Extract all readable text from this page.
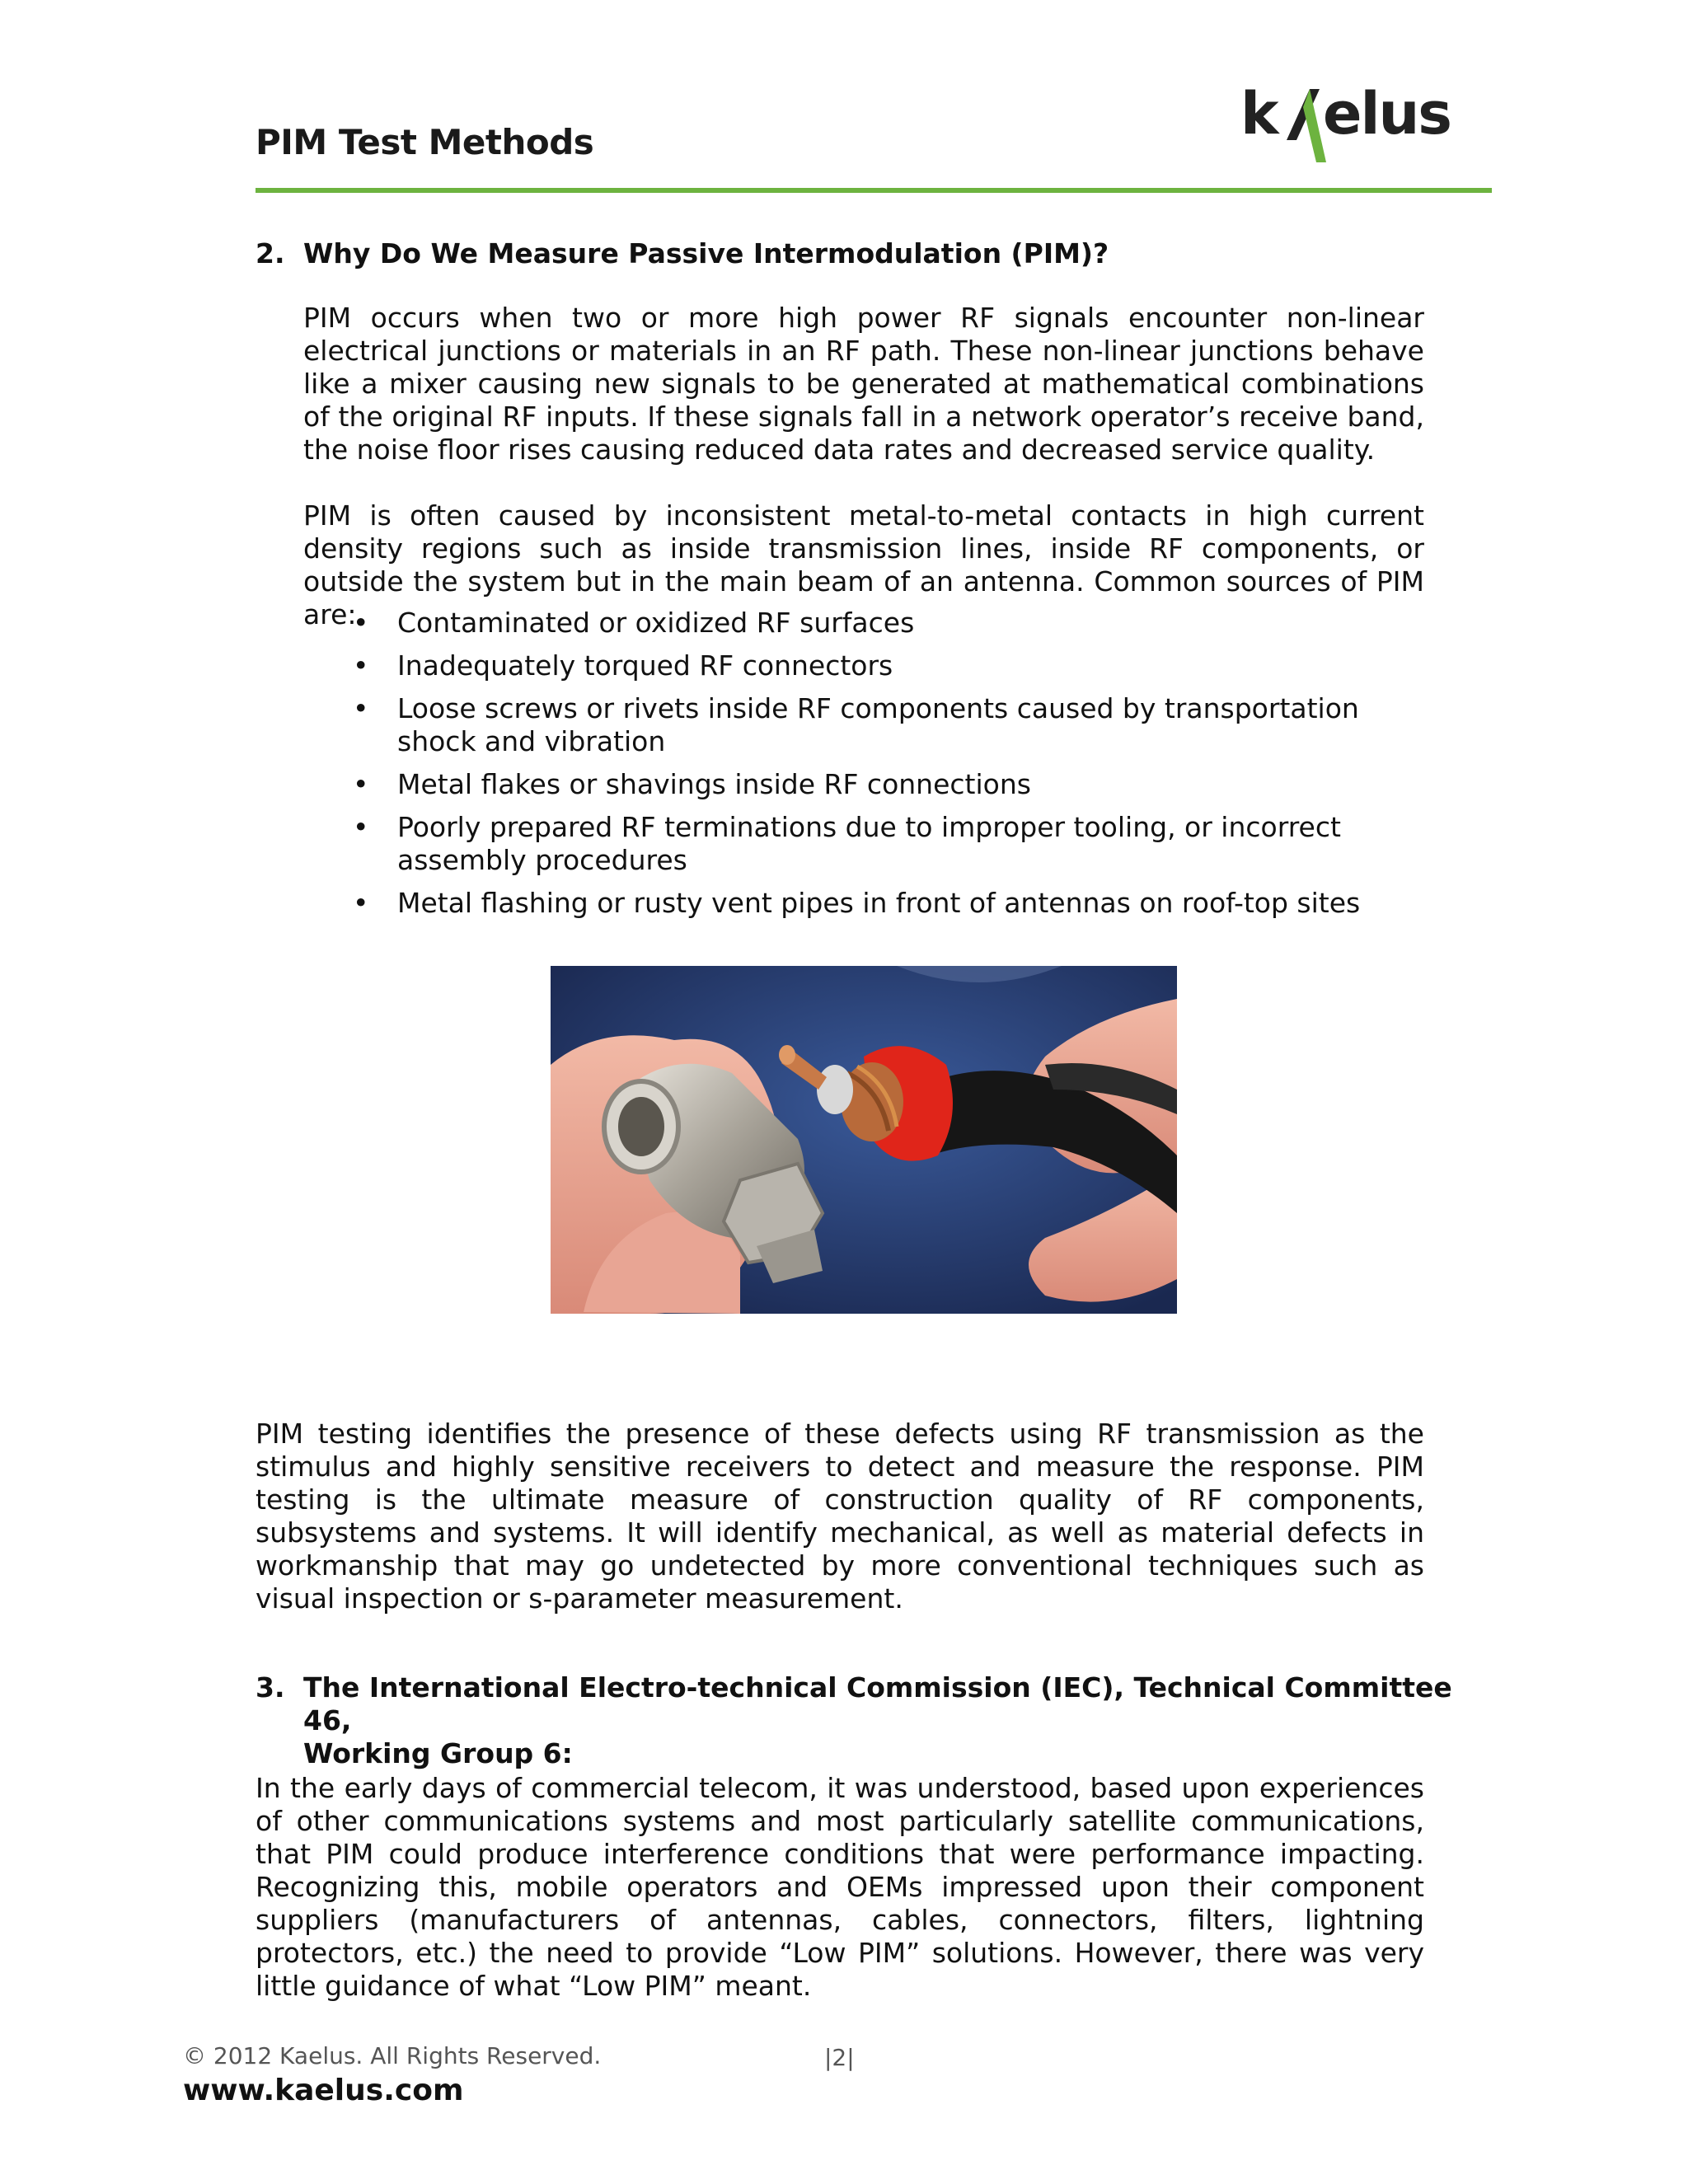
PIM Test Methods	k elus
2. Why Do We Measure Passive Intermodulation (PIM)?
PIM occurs when two or more high power RF signals encounter non-linear electrical junctions or materials in an RF path. These non-linear junctions behave like a mixer causing new signals to be generated at mathematical combinations of the original RF inputs. If these signals fall in a network operator’s receive band, the noise floor rises causing reduced data rates and decreased service quality.
PIM is often caused by inconsistent metal-to-metal contacts in high current density regions such as inside transmission lines, inside RF components, or outside the system but in the main beam of an antenna. Common sources of PIM are:
• Contaminated or oxidized RF surfaces
• Inadequately torqued RF connectors
• Loose screws or rivets inside RF components caused by transportation shock and vibration
• Metal flakes or shavings inside RF connections
• Poorly prepared RF terminations due to improper tooling, or incorrect assembly procedures
• Metal flashing or rusty vent pipes in front of antennas on roof-top sites
PIM testing identifies the presence of these defects using RF transmission as the stimulus and highly sensitive receivers to detect and measure the response. PIM testing is the ultimate measure of construction quality of RF components, subsystems and systems. It will identify mechanical, as well as material defects in workmanship that may go undetected by more conventional techniques such as visual inspection or s-parameter measurement.
3. The International Electro-technical Commission (IEC), Technical Committee 46,
Working Group 6:
In the early days of commercial telecom, it was understood, based upon experiences of other communications systems and most particularly satellite communications, that PIM could produce interference conditions that were performance impacting. Recognizing this, mobile operators and OEMs impressed upon their component suppliers (manufacturers of antennas, cables, connectors, filters, lightning protectors, etc.) the need to provide “Low PIM” solutions. However, there was very little guidance of what “Low PIM” meant.
© 2012 Kaelus. All Rights Reserved.	|2|
www.kaelus.com
